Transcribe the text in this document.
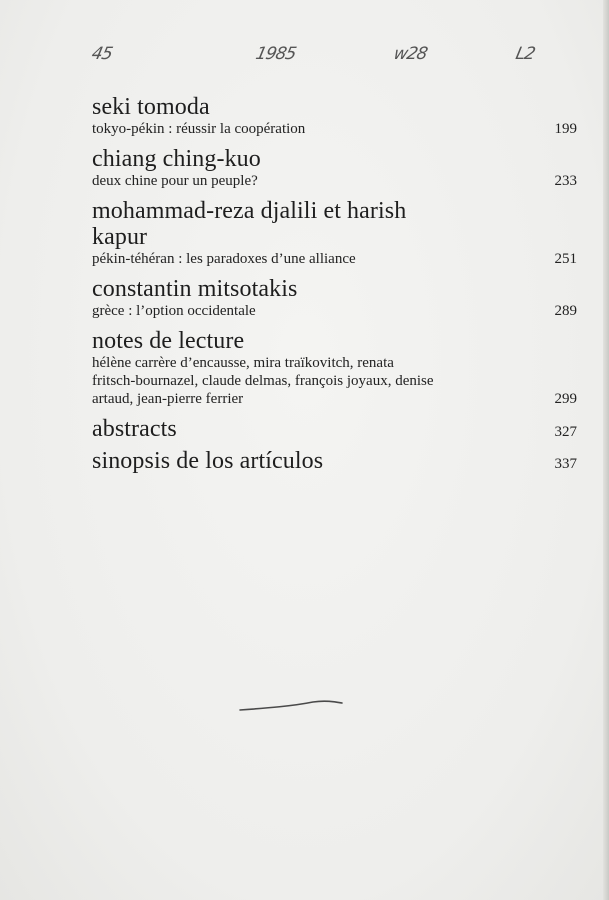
45	1985	w28	L2
seki tomoda
tokyo-pékin : réussir la coopération	199
chiang ching-kuo
deux chine pour un peuple?	233
mohammad-reza djalili et harish
kapur
pékin-téhéran : les paradoxes d’une alliance	251
constantin mitsotakis
grèce : l’option occidentale	289
notes de lecture
hélène carrère d’encausse, mira traïkovitch, renata
fritsch-bournazel, claude delmas, françois joyaux, denise
artaud, jean-pierre ferrier	299
abstracts	327
sinopsis de los artículos	337
